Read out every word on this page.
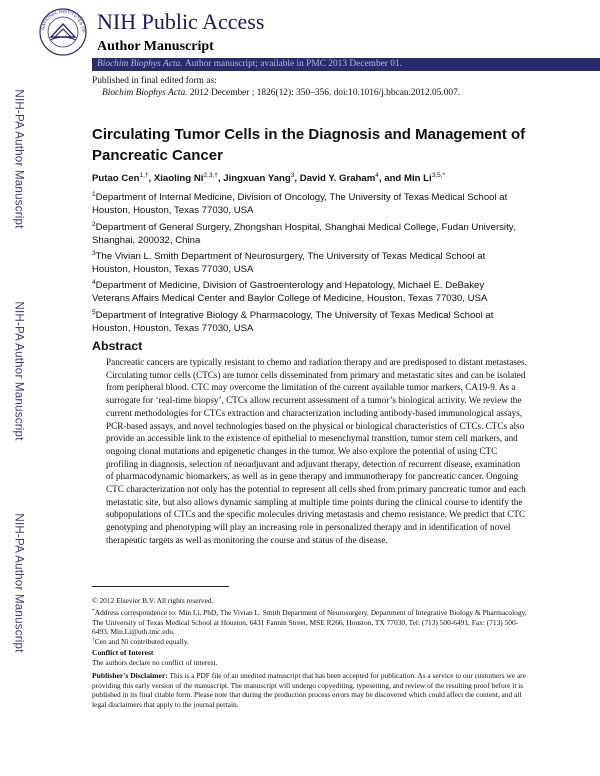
NATIONAL INSTITUTES OF NIH Public Access
Author Manuscript
Biochim Biophys Acta. Author manuscript; available in PMC 2013 December 01.
Published in final edited form as:
Biochim Biophys Acta. 2012 December ; 1826(12): 350–356. doi:10.1016/j.bbcan.2012.05.007.
NIH-PA Author Manuscript
NIH-PA Author Manuscript
NIH-PA Author Manuscript
Circulating Tumor Cells in the Diagnosis and Management of Pancreatic Cancer
Putao Cen$^{1,\dagger}$, Xiaoling $Ni^{2,3,\dagger}$, Jingxuan Yang$^3$, David Y. Graham$^4$, and Min $Li^{3,5,*}$
$^1$Department of Internal Medicine, Division of Oncology, The University of Texas Medical School at Houston, Houston, Texas 77030, USA
$^2$Department of General Surgery, Zhongshan Hospital, Shanghai Medical College, Fudan University, Shanghai, 200032, China
$^3$The Vivian L. Smith Department of Neurosurgery, The University of Texas Medical School at Houston, Houston, Texas 77030, USA
$^4$Department of Medicine, Division of Gastroenterology and Hepatology, Michael E. DeBakey Veterans Affairs Medical Center and Baylor College of Medicine, Houston, Texas 77030, USA
$^5$Department of Integrative Biology & Pharmacology, The University of Texas Medical School at Houston, Houston, Texas 77030, USA
Abstract
Pancreatic cancers are typically resistant to chemo and radiation therapy and are predisposed to distant metastases. Circulating tumor cells (CTCs) are tumor cells disseminated from primary and metastatic sites and can be isolated from peripheral blood. CTC may overcome the limitation of the current available tumor markers, CA19-9. As a surrogate for ‘real-time biopsy’, CTCs allow recurrent assessment of a tumor’s biological activity. We review the current methodologies for CTCs extraction and characterization including antibody-based immunological assays, PCR-based assays, and novel technologies based on the physical or biological characteristics of CTCs. CTCs also provide an accessible link to the existence of epithelial to mesenchymal transition, tumor stem cell markers, and ongoing clonal mutations and epigenetic changes in the tumor. We also explore the potential of using CTC profiling in diagnosis, selection of neoadjuvant and adjuvant therapy, detection of recurrent disease, examination of pharmacodynamic biomarkers, as well as in gene therapy and immunotherapy for pancreatic cancer. Ongoing CTC characterization not only has the potential to represent all cells shed from primary pancreatic tumor and each metastatic site, but also allows dynamic sampling at multiple time points during the clinical course to identify the subpopulations of CTCs and the specific molecules driving metastasis and chemo resistance. We predict that CTC genotyping and phenotyping will play an increasing role in personalized therapy and in identification of novel therapeutic targets as well as monitoring the course and status of the disease.
© 2012 Elsevier B.V. All rights reserved.
*Address correspondence to: Min Li, PhD, The Vivian L. Smith Department of Neurosurgery, Department of Integrative Biology & Pharmacology, The University of Texas Medical School at Houston, 6431 Fannin Street, MSE R266, Houston, TX 77030, Tel: (713) 500-6491, Fax: (713) 500-6493, Min.Li@uth.tmc.edu.
†Cen and Ni contributed equally.
Conflict of Interest
The authors declare no conflict of interest.
Publisher's Disclaimer: This is a PDF file of an unedited manuscript that has been accepted for publication. As a service to our customers we are providing this early version of the manuscript. The manuscript will undergo copyediting, typesetting, and review of the resulting proof before it is published in its final citable form. Please note that during the production process errors may be discovered which could affect the content, and all legal disclaimers that apply to the journal pertain.
